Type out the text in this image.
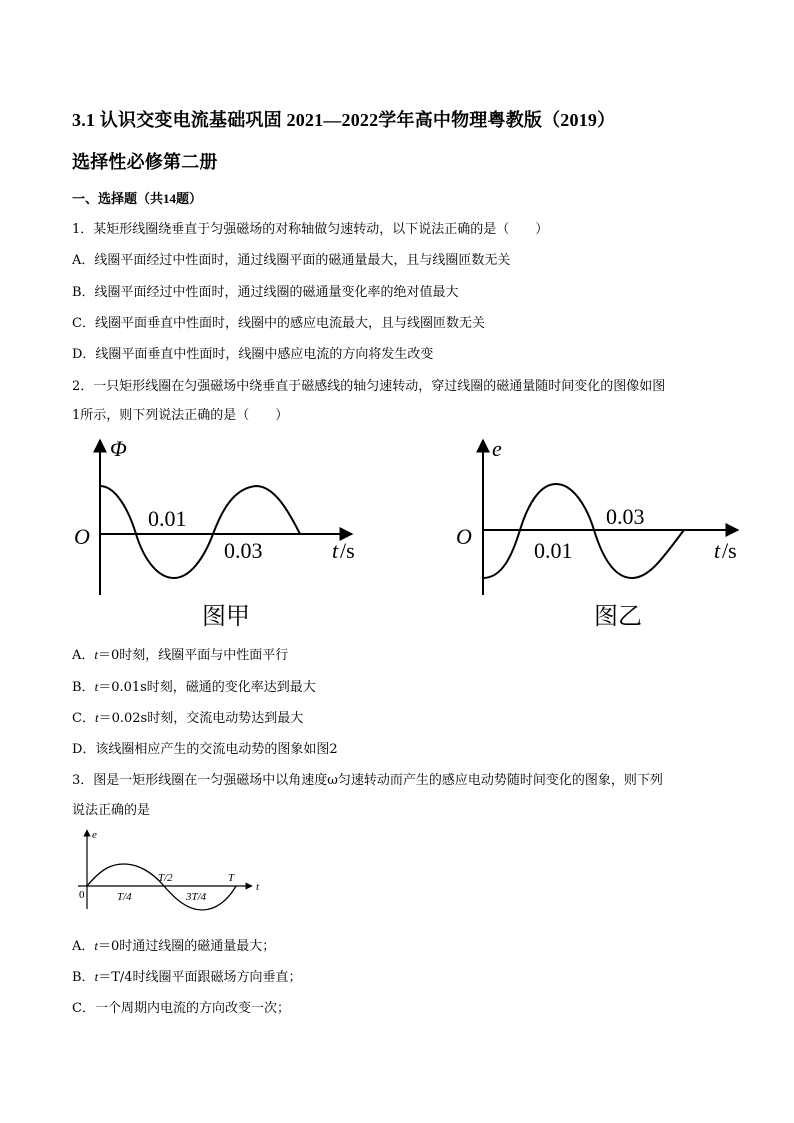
3.1 认识交变电流基础巩固 2021—2022学年高中物理粤教版（2019）
选择性必修第二册
一、选择题（共14题）
1．某矩形线圈绕垂直于匀强磁场的对称轴做匀速转动，以下说法正确的是（　　）
A．线圈平面经过中性面时，通过线圈平面的磁通量最大，且与线圈匝数无关
B．线圈平面经过中性面时，通过线圈的磁通量变化率的绝对值最大
C．线圈平面垂直中性面时，线圈中的感应电流最大，且与线圈匝数无关
D．线圈平面垂直中性面时，线圈中感应电流的方向将发生改变
2．一只矩形线圈在匀强磁场中绕垂直于磁感线的轴匀速转动，穿过线圈的磁通量随时间变化的图像如图
1所示，则下列说法正确的是（　　）
Φ
O
0.01
0.03	t /s
图甲
e
O
0.03
0.01	t /s
图乙
A．t＝0时刻，线圈平面与中性面平行
B．t＝0.01s时刻，磁通的变化率达到最大
C．t＝0.02s时刻，交流电动势达到最大
D．该线圈相应产生的交流电动势的图象如图2
3．图是一矩形线圈在一匀强磁场中以角速度ω匀速转动而产生的感应电动势随时间变化的图象，则下列
说法正确的是
e
0
t
T/4
T/2
3T/4
T
A．t＝0时通过线圈的磁通量最大；
B．t＝T/4时线圈平面跟磁场方向垂直；
C．一个周期内电流的方向改变一次；
